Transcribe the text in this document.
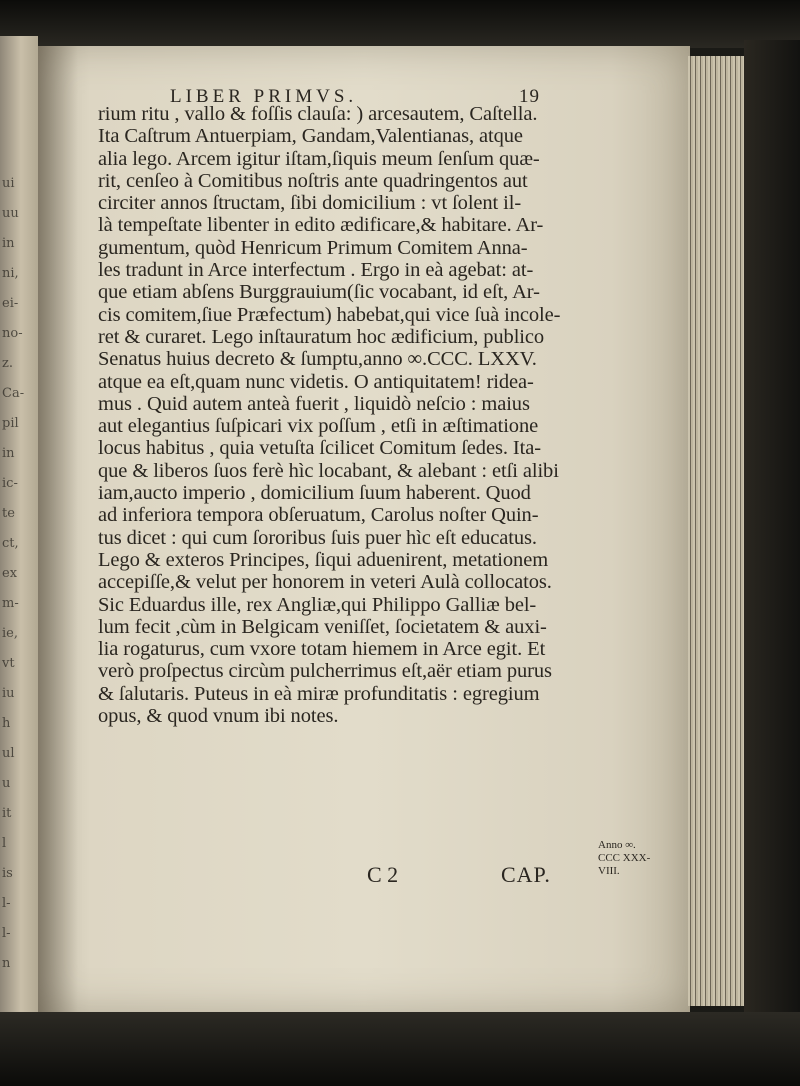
ui
uu
in
ni,
ei-
no-
z.
Ca-
pil
in
ic-
te
ct,
ex
m-
ie,
vt
iu
h
ul
u
it
l
is
l-
l-
n
LIBER PRIMVS.	19
rium ritu , vallo & foſſis clauſa: ) arcesautem, Caſtella.
Ita Caſtrum Antuerpiam, Gandam,Valentianas, atque
alia lego. Arcem igitur iſtam,ſiquis meum ſenſum quæ-
rit, cenſeo à Comitibus noſtris ante quadringentos aut
circiter annos ſtructam, ſibi domicilium : vt ſolent il-
là tempeſtate libenter in edito ædificare,& habitare. Ar-
gumentum, quòd Henricum Primum Comitem Anna-
les tradunt in Arce interfectum . Ergo in eà agebat: at-
que etiam abſens Burggrauium(ſic vocabant, id eſt, Ar-
cis comitem,ſiue Præfectum) habebat,qui vice ſuà incole-
ret & curaret. Lego inſtauratum hoc ædificium, publico
Senatus huius decreto & ſumptu,anno ∞.CCC. LXXV.
atque ea eſt,quam nunc videtis. O antiquitatem! ridea-
mus . Quid autem anteà fuerit , liquidò neſcio : maius
aut elegantius ſuſpicari vix poſſum , etſi in æſtimatione
locus habitus , quia vetuſta ſcilicet Comitum ſedes. Ita-
que & liberos ſuos ferè hìc locabant, & alebant : etſi alibi
iam,aucto imperio , domicilium ſuum haberent. Quod
ad inferiora tempora obſeruatum, Carolus noſter Quin-
tus dicet : qui cum ſororibus ſuis puer hìc eſt educatus.
Lego & exteros Principes, ſiqui aduenirent, metationem
accepiſſe,& velut per honorem in veteri Aulà collocatos.
Sic Eduardus ille, rex Angliæ,qui Philippo Galliæ bel-
lum fecit ,cùm in Belgicam veniſſet, ſocietatem & auxi-
lia rogaturus, cum vxore totam hiemem in Arce egit. Et
verò proſpectus circùm pulcherrimus eſt,aër etiam purus
& ſalutaris. Puteus in eà miræ profunditatis : egregium
opus, & quod vnum ibi notes.
Anno ∞.
CCC XXX-
VIII.
C 2	CAP.
